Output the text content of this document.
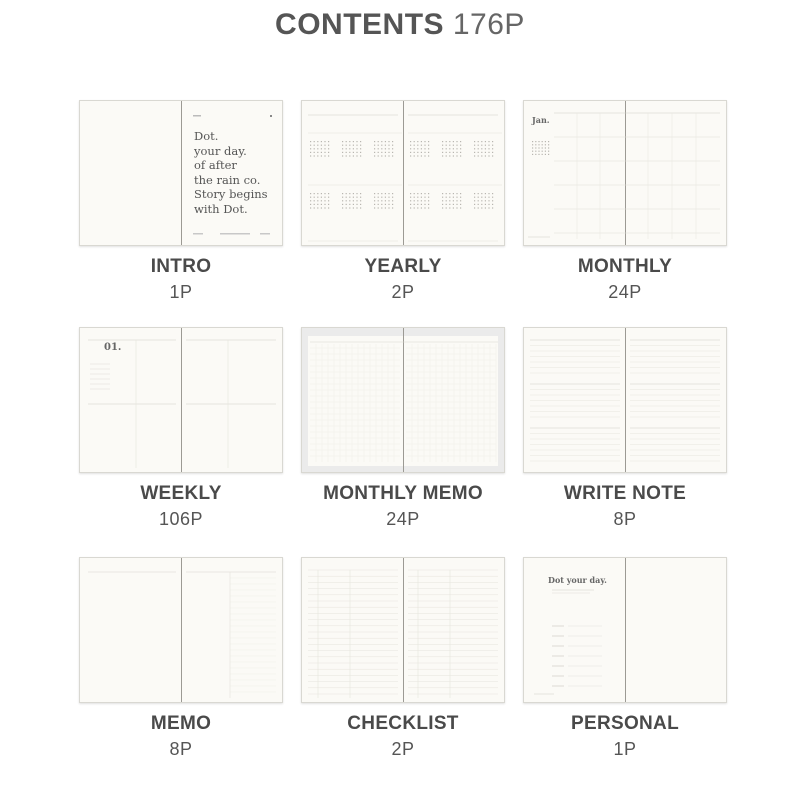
CONTENTS 176P
Dot.
your day.
of after
the rain co.
Story begins
with Dot.
INTRO
1P
YEARLY
2P
Jan.
MONTHLY
24P
01.
WEEKLY
106P
MONTHLY MEMO
24P
WRITE NOTE
8P
MEMO
8P
CHECKLIST
2P
Dot your day.
PERSONAL
1P
